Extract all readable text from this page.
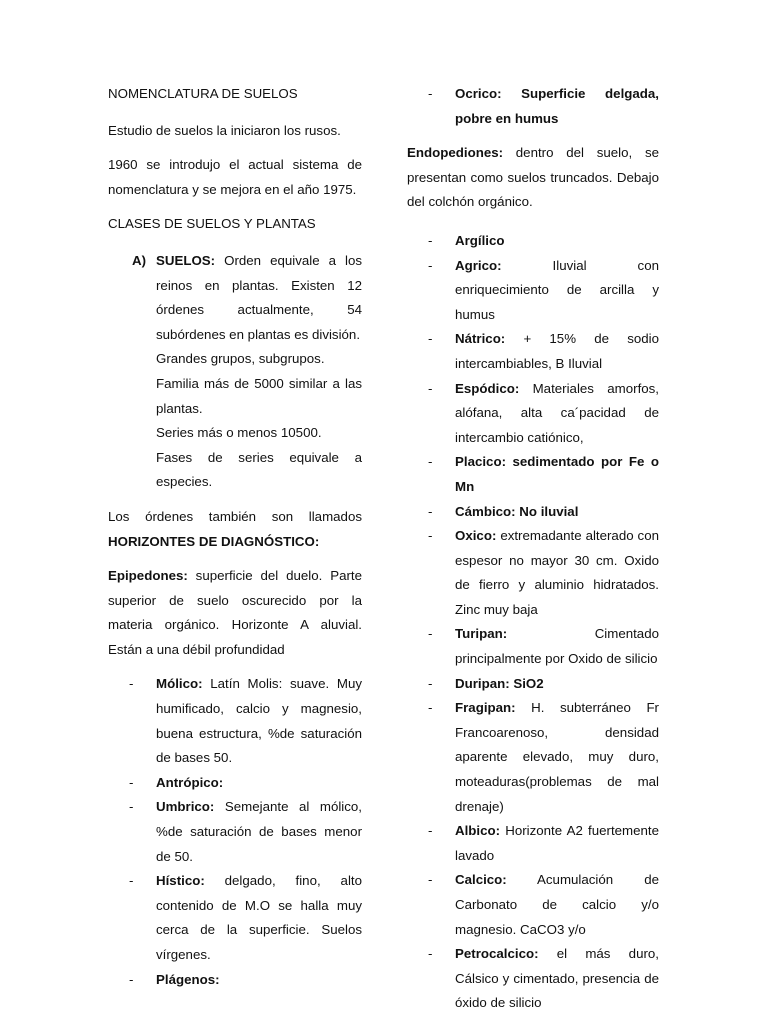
NOMENCLATURA DE SUELOS

Estudio de suelos la iniciaron los rusos.

1960 se introdujo el actual sistema de nomenclatura y se mejora en el año 1975.

CLASES DE SUELOS Y PLANTAS

A) SUELOS: Orden equivale a los reinos en plantas. Existen 12 órdenes actualmente, 54 subórdenes en plantas es división.

Grandes grupos, subgrupos.

Familia más de 5000 similar a las plantas.

Series más o menos 10500.

Fases de series equivale a especies.

Los órdenes también son llamados

HORIZONTES DE DIAGNÓSTICO:

Epipedones: superficie del duelo. Parte superior de suelo oscurecido por la materia orgánico. Horizonte A aluvial. Están a una débil profundidad

- Mólico: Latín Molis: suave. Muy humificado, calcio y magnesio, buena estructura, %de saturación de bases 50.
- Antrópico:
- Umbrico: Semejante al mólico, %de saturación de bases menor de 50.
- Hístico: delgado, fino, alto contenido de M.O se halla muy cerca de la superficie. Suelos vírgenes.
- Plágenos:
- Ocrico: Superficie delgada, pobre en humus

Endopediones: dentro del suelo, se presentan como suelos truncados. Debajo del colchón orgánico.

- Argílico
- Agrico: Iluvial con enriquecimiento de arcilla y humus
- Nátrico: + 15% de sodio intercambiables, B Iluvial
- Espódico: Materiales amorfos, alófana, alta ca´pacidad de intercambio catiónico,
- Placico: sedimentado por Fe o Mn
- Cámbico: No iluvial
- Oxico: extremadante alterado con espesor no mayor 30 cm. Oxido de fierro y aluminio hidratados. Zinc muy baja
- Turipan: Cimentado principalmente por Oxido de silicio
- Duripan: SiO2
- Fragipan: H. subterráneo Fr Francoarenoso, densidad aparente elevado, muy duro, moteaduras(problemas de mal drenaje)
- Albico: Horizonte A2 fuertemente lavado
- Calcico: Acumulación de Carbonato de calcio y/o magnesio. CaCO3 y/o
- Petrocalcico: el más duro, Cálsico y cimentado, presencia de óxido de silicio
